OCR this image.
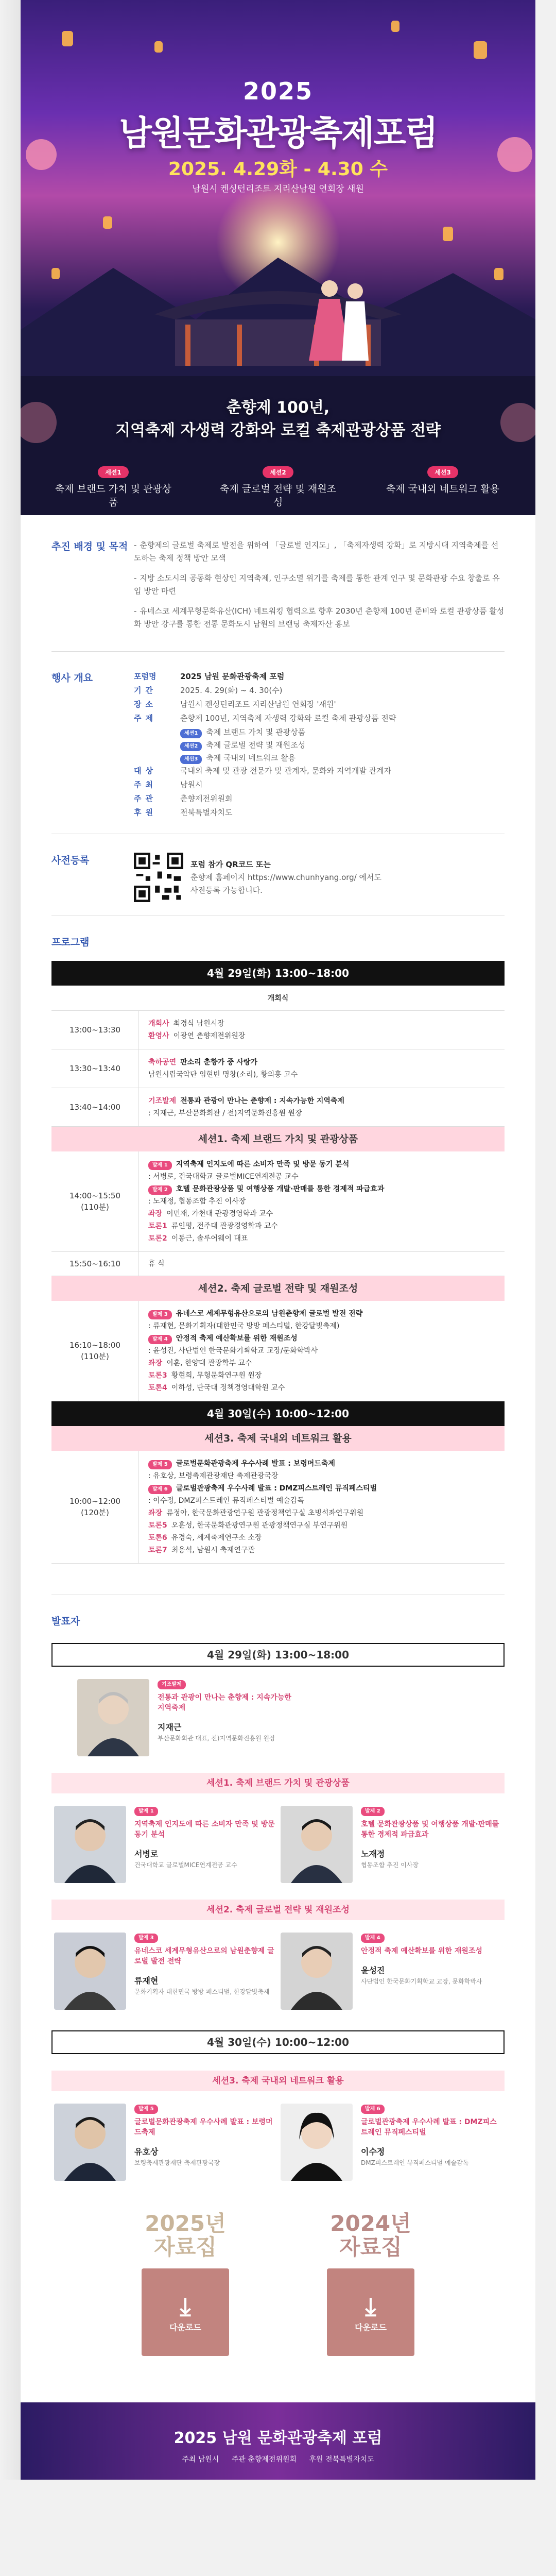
2025
남원문화관광축제포럼
2025. 4.29화 - 4.30 수
남원시 켄싱턴리조트 지리산남원 연회장 새원
춘향제 100년,
지역축제 자생력 강화와 로컬 축제관광상품 전략
세션1
축제 브랜드 가치 및 관광상품
세션2
축제 글로벌 전략 및 재원조성
세션3
축제 국내외 네트워크 활용
추진 배경 및 목적
-	춘향제의 글로벌 축제로 발전을 위하여 「글로벌 인지도」, 「축제자생력 강화」로 지방시대 지역축제를 선도하는 축제 정책 방안 모색
- 지방 소도시의 공동화 현상인 지역축제, 인구소멸 위기를 축제를 통한 관계 인구 및 문화관광 수요 창출로 유입 방안 마련
- 유네스코 세계무형문화유산(ICH) 네트워킹 협력으로 향후 2030년 춘향제 100년 준비와 로컬 관광상품 활성화 방안 강구를 통한 전통 문화도시 남원의 브랜딩 축제자산 홍보
행사 개요	포럼명	2025 남원 문화관광축제 포럼
기간	2025. 4. 29(화) ~ 4. 30(수)
장소	남원시 켄싱턴리조트 지리산남원 연회장 '새원'
주제	춘향제 100년, 지역축제 자생력 강화와 로컬 축제 관광상품 전략
세션1 축제 브랜드 가치 및 관광상품
세션2 축제 글로벌 전략 및 재원조성
세션3 축제 국내외 네트워크 활용
대상	국내외 축제 및 관광 전문가 및 관계자, 문화와 지역개발 관계자
주최	남원시
주관	춘향제전위원회
후원	전북특별자치도
사전등록	포럼 참가 QR코드 또는
춘향제 홈페이지 https://www.chunhyang.org/ 에서도
사전등록 가능합니다.
프로그램
4월 29일(화) 13:00~18:00
개회식
13:00~13:30
개회사 최경식 남원시장
환영사 이광연 춘향제전위원장
13:30~13:40
축하공연 판소리 춘향가 중 사랑가
남원시립국악단 임현빈 명창(소리), 황의홍 고수
13:40~14:00
기조발제 전통과 관광이 만나는 춘향제 : 지속가능한 지역축제
: 지재근, 부산문화회관 / 전)지역문화진흥원 원장
세션1. 축제 브랜드 가치 및 관광상품
14:00~15:50
(110분)
발제 1 지역축제 인지도에 따른 소비자 만족 및 방문 동기 분석
: 서병로, 건국대학교 글로벌MICE연계전공 교수
발제 2 호텔 문화관광상품 및 여행상품 개발·판매를 통한 경제적 파급효과
: 노재정, 협동조합 추진 이사장
좌장 이민재, 가천대 관광경영학과 교수
토론1 류인평, 전주대 관광경영학과 교수
토론2 이동근, 솔루어웨이 대표
15:50~16:10	휴 식
세션2. 축제 글로벌 전략 및 재원조성
16:10~18:00
(110분)
발제 3 유네스코 세계무형유산으로의 남원춘향제 글로벌 발전 전략
: 류재현, 문화기획자(대한민국 방방 페스티벌, 한강달빛축제)
발제 4 안정적 축제 예산확보를 위한 재원조성
: 윤성진, 사단법인 한국문화기획학교 교장/문화학박사
좌장 이훈, 한양대 관광학부 교수
토론3 황현희, 무형문화연구원 원장
토론4 이하성, 단국대 정책경영대학원 교수
4월 30일(수) 10:00~12:00
세션3. 축제 국내외 네트워크 활용
10:00~12:00
(120분)
발제 5 글로벌문화관광축제 우수사례 발표 : 보령머드축제
: 유호상, 보령축제관광재단 축제관광국장
발제 6 글로벌관광축제 우수사례 발표 : DMZ피스트레인 뮤직페스티벌
: 이수정, DMZ피스트레인 뮤직페스티벌 예술감독
좌장 류정아, 한국문화관광연구원 관광정책연구실 초빙석좌연구위원
토론5 오훈성, 한국문화관광연구원 관광정책연구실 부연구위원
토론6 유경숙, 세계축제연구소 소장
토론7 최용석, 남원시 축제연구관
발표자
4월 29일(화) 13:00~18:00
기조발제
전통과 관광이 만나는 춘향제 : 지속가능한 지역축제
지재근
부산문화회관 대표, 전)지역문화진흥원 원장
세션1. 축제 브랜드 가치 및 관광상품
발제 1
지역축제 인지도에 따른 소비자 만족 및 방문 동기 분석
서병로
건국대학교 글로벌MICE연계전공 교수
발제 2
호텔 문화관광상품 및 여행상품 개발·판매를 통한 경제적 파급효과
노재정
협동조합 추진 이사장
세션2. 축제 글로벌 전략 및 재원조성
발제 3
유네스코 세계무형유산으로의 남원춘향제 글로벌 발전 전략
류재현
문화기획자 대한민국 방방 페스티벌, 한강달빛축제
발제 4
안정적 축제 예산확보를 위한 재원조성
윤성진
사단법인 한국문화기획학교 교장, 문화학박사
4월 30일(수) 10:00~12:00
세션3. 축제 국내외 네트워크 활용
발제 5
글로벌문화관광축제 우수사례 발표 : 보령머드축제
유호상
보령축제관광재단 축제관광국장
발제 6
글로벌관광축제 우수사례 발표 : DMZ피스트레인 뮤직페스티벌
이수정
DMZ피스트레인 뮤직페스티벌 예술감독
2025년
자료집
⤓
다운로드
2024년
자료집
⤓
다운로드
2025 남원 문화관광축제 포럼
주최 남원시 주관 춘향제전위원회 후원 전북특별자치도
